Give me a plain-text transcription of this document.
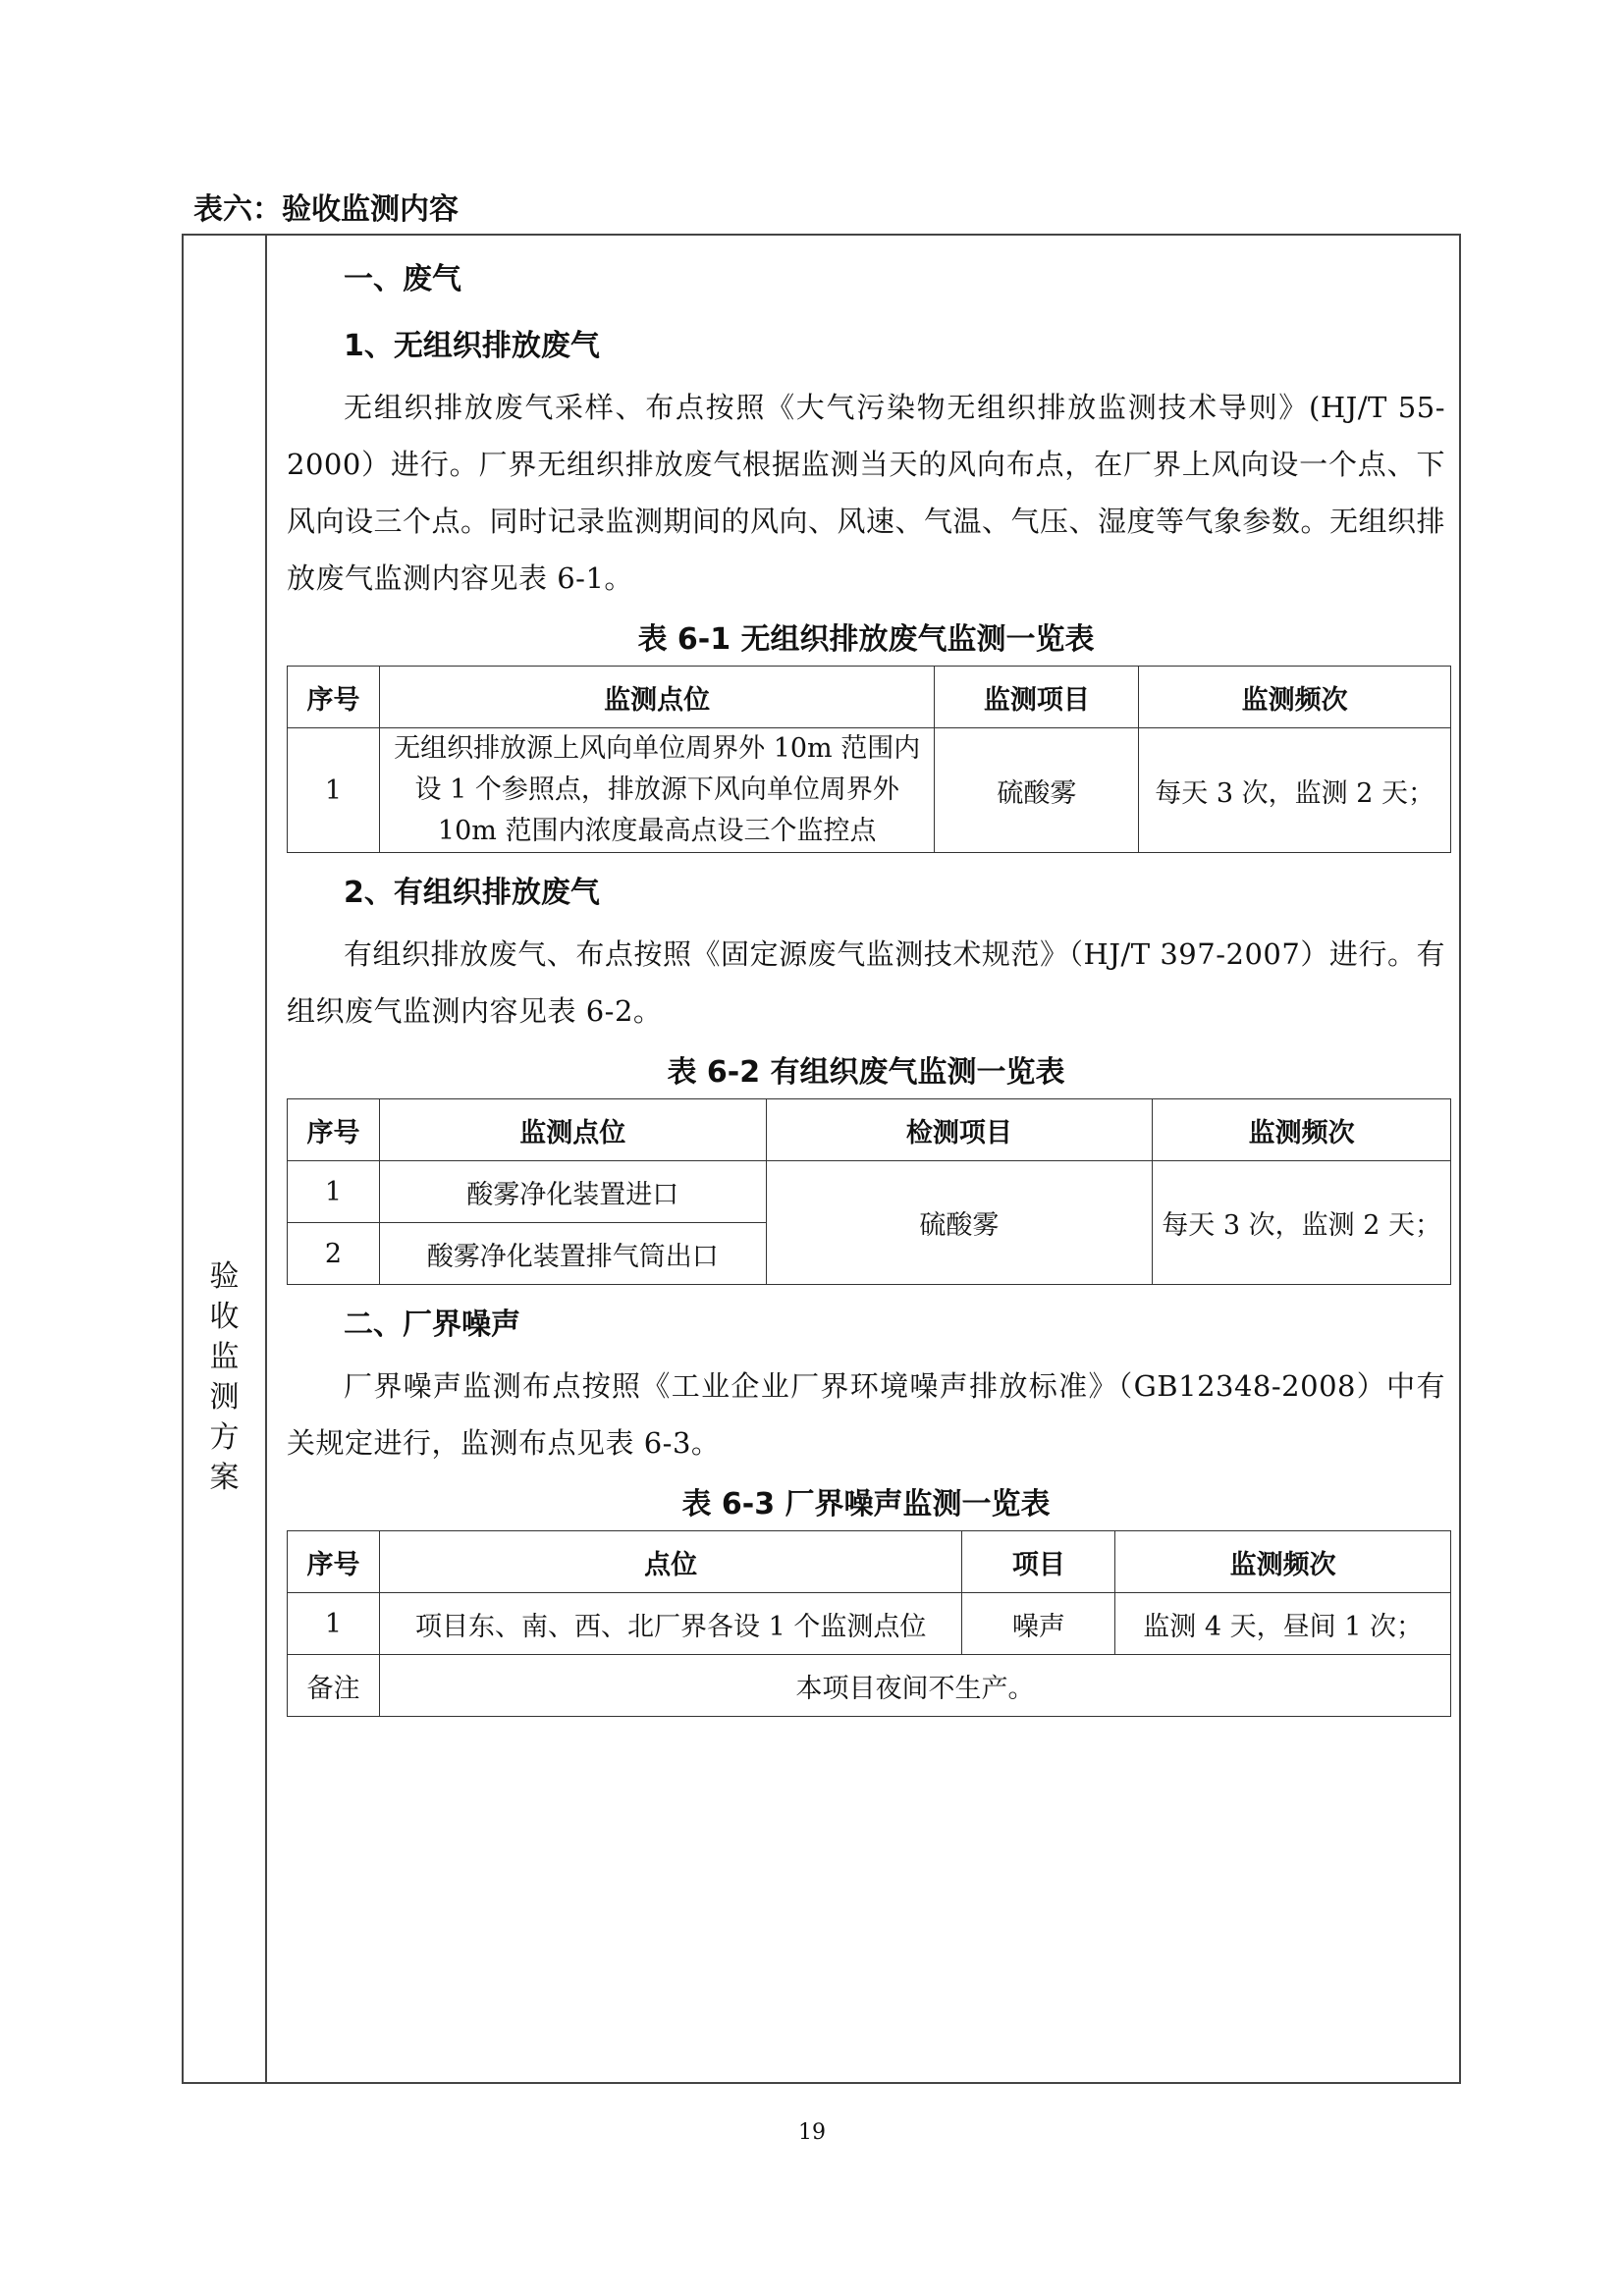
表六：验收监测内容
验
收
监
测
方
案
一、废气
1、无组织排放废气

无组织排放废气采样、布点按照《大气污染物无组织排放监测技术导则》(HJ/T 55-2000）进行。厂界无组织排放废气根据监测当天的风向布点，在厂界上风向设一个点、下风向设三个点。同时记录监测期间的风向、风速、气温、气压、湿度等气象参数。无组织排放废气监测内容见表 6-1。

表 6-1 无组织排放废气监测一览表
序号	监测点位	监测项目	监测频次
1	无组织排放源上风向单位周界外 10m 范围内设 1 个参照点，排放源下风向单位周界外 10m 范围内浓度最高点设三个监控点	硫酸雾	每天 3 次，监测 2 天；
2、有组织排放废气

有组织排放废气、布点按照《固定源废气监测技术规范》（HJ/T 397-2007）进行。有组织废气监测内容见表 6-2。

表 6-2 有组织废气监测一览表
序号	监测点位	检测项目	监测频次
1	酸雾净化装置进口	硫酸雾	每天 3 次，监测 2 天；
2	酸雾净化装置排气筒出口		
二、厂界噪声

厂界噪声监测布点按照《工业企业厂界环境噪声排放标准》（GB12348-2008）中有关规定进行，监测布点见表 6-3。

表 6-3 厂界噪声监测一览表
序号	点位	项目	监测频次
1	项目东、南、西、北厂界各设 1 个监测点位	噪声	监测 4 天，昼间 1 次；
备注	本项目夜间不生产。		
19
